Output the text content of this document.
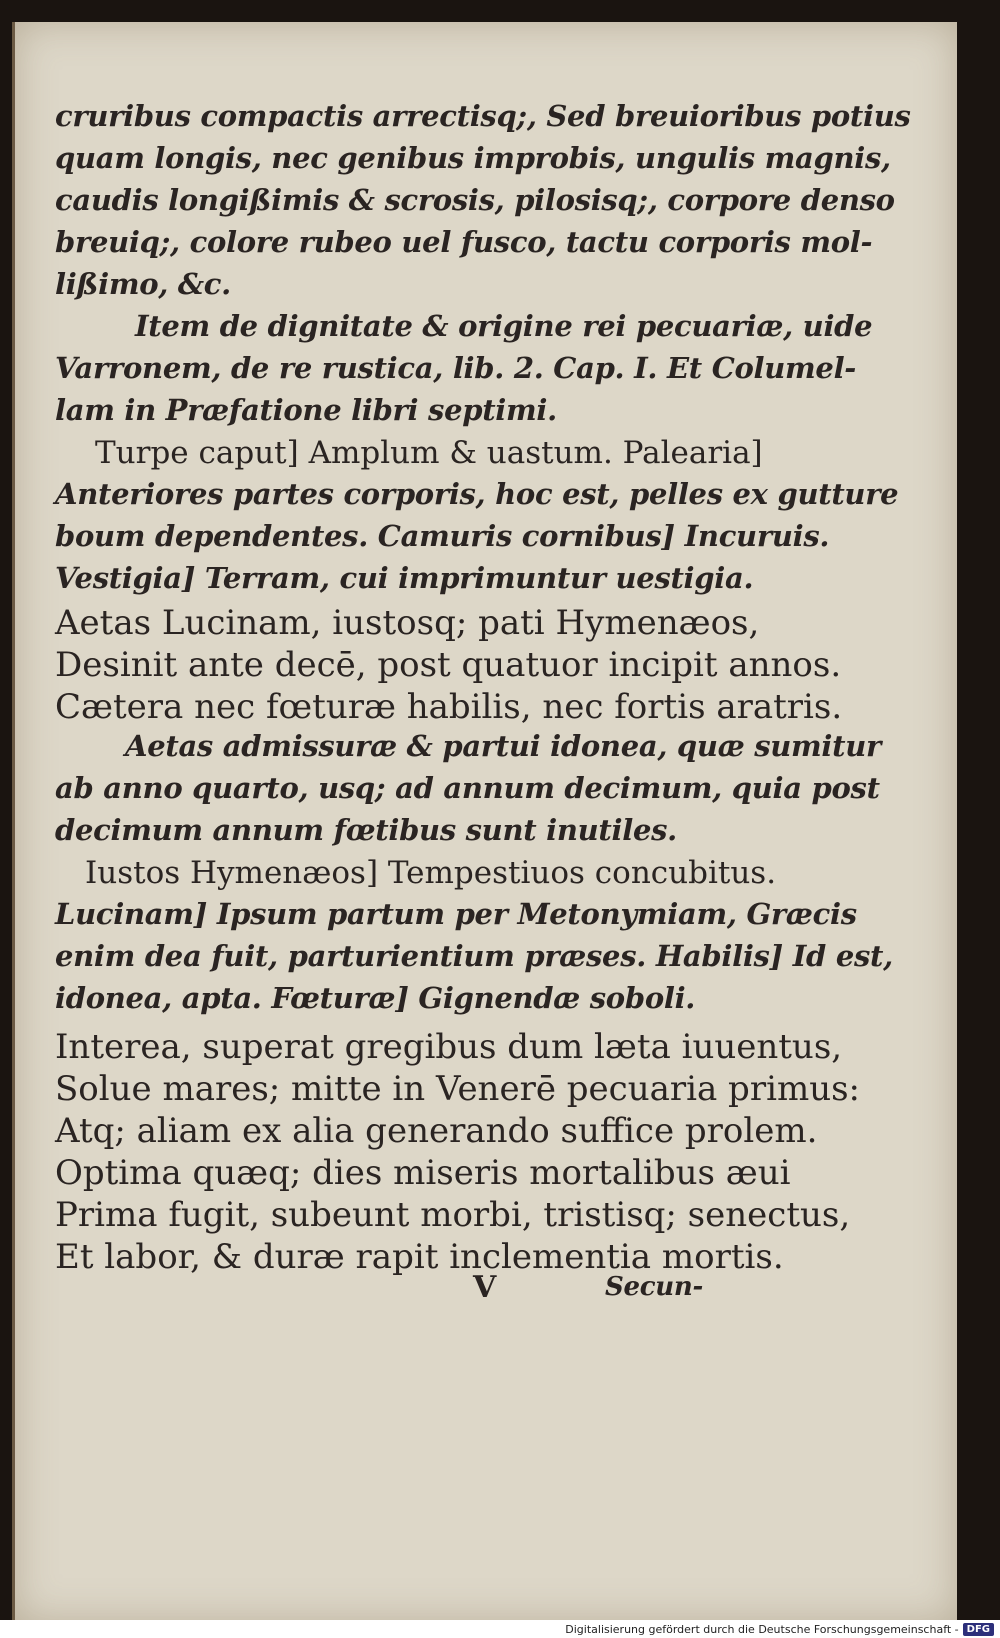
cruribus compactis arrectisq;, Sed breuioribus potius
quam longis, nec genibus improbis, ungulis magnis,
caudis longißimis & scrosis, pilosisq;, corpore denso
breuiq;, colore rubeo uel fusco, tactu corporis mol-
lißimo, &c.
Item de dignitate & origine rei pecuariæ, uide
Varronem, de re rustica, lib. 2. Cap. I. Et Columel-
lam in Præfatione libri septimi.
Turpe caput] Amplum & uastum. Palearia]
Anteriores partes corporis, hoc est, pelles ex gutture
boum dependentes. Camuris cornibus] Incuruis.
Vestigia] Terram, cui imprimuntur uestigia.
Aetas Lucinam, iustosq; pati Hymenæos,
Desinit ante decē, post quatuor incipit annos.
Cætera nec fœturæ habilis, nec fortis aratris.
Aetas admissuræ & partui idonea, quæ sumitur
ab anno quarto, usq; ad annum decimum, quia post
decimum annum fœtibus sunt inutiles.
Iustos Hymenæos] Tempestiuos concubitus.
Lucinam] Ipsum partum per Metonymiam, Græcis
enim dea fuit, parturientium præses. Habilis] Id est,
idonea, apta. Fœturæ] Gignendæ soboli.
Interea, superat gregibus dum læta iuuentus,
Solue mares; mitte in Venerē pecuaria primus:
Atq; aliam ex alia generando suffice prolem.
Optima quæq; dies miseris mortalibus æui
Prima fugit, subeunt morbi, tristisq; senectus,
Et labor, & duræ rapit inclementia mortis.
V	Secun-
Digitalisierung gefördert durch die Deutsche Forschungsgemeinschaft - DFG
